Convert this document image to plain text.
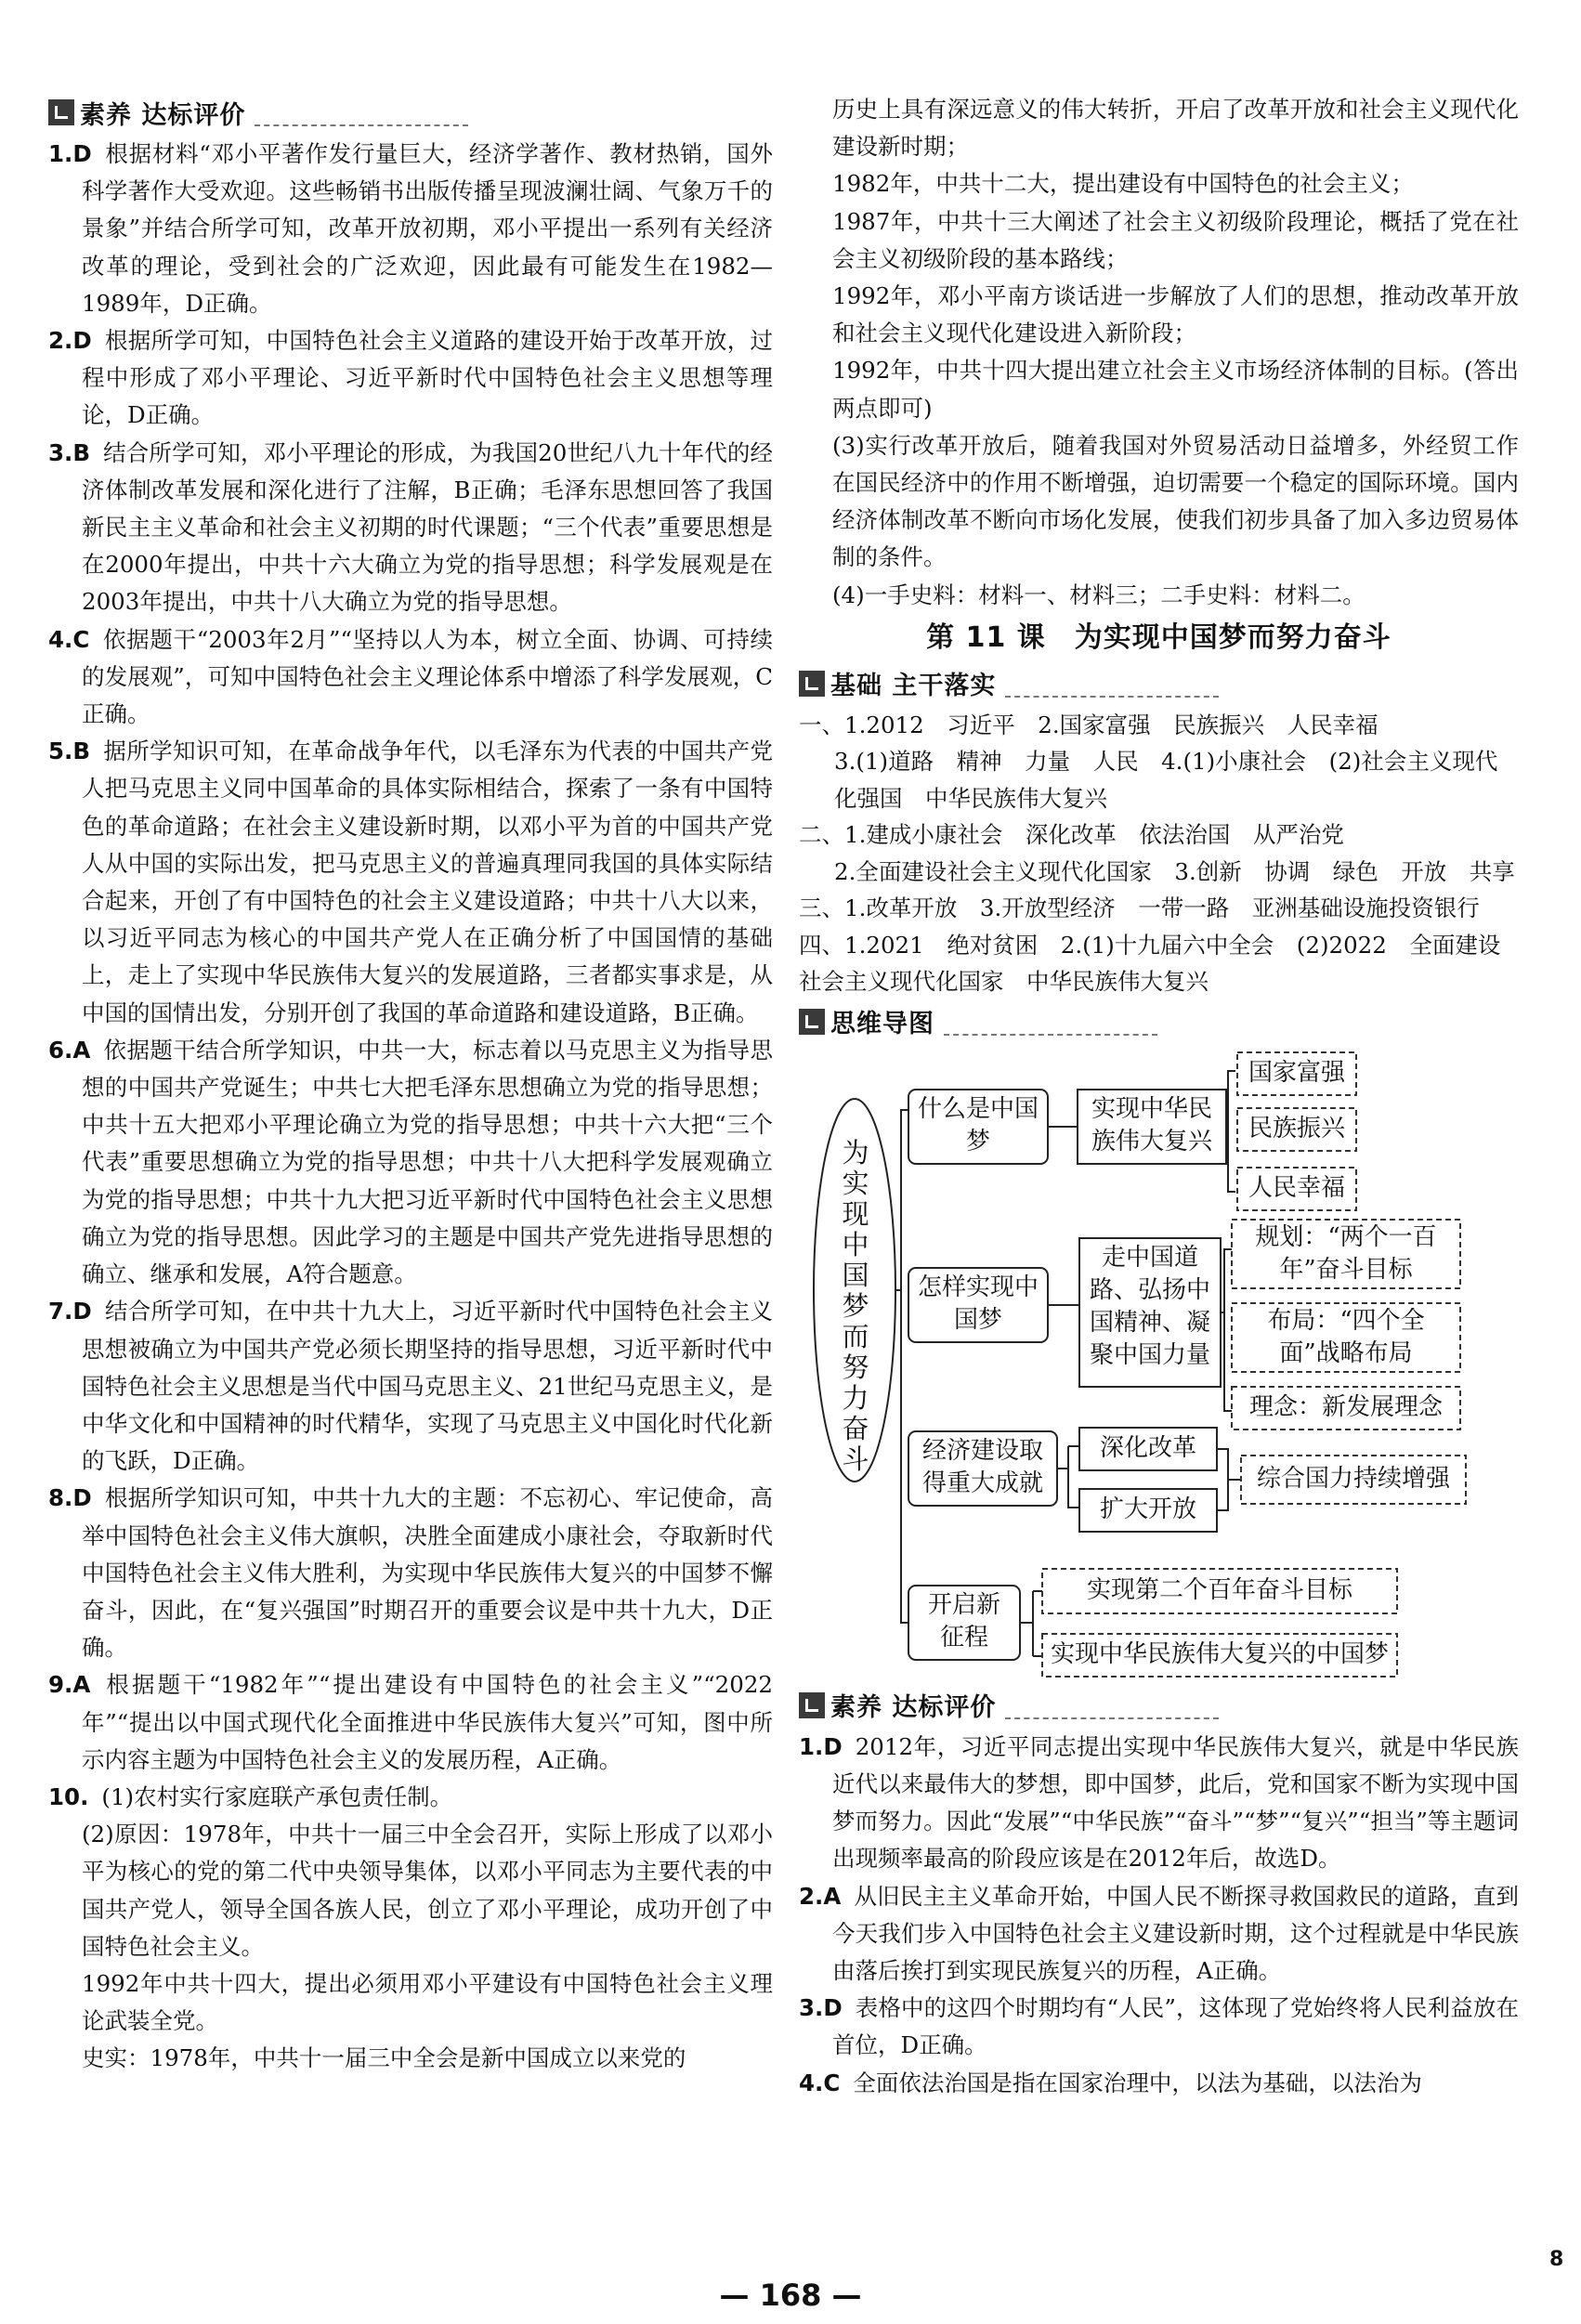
素养 达标评价
1.D 根据材料“邓小平著作发行量巨大，经济学著作、教材热销，国外科学著作大受欢迎。这些畅销书出版传播呈现波澜壮阔、气象万千的景象”并结合所学可知，改革开放初期，邓小平提出一系列有关经济改革的理论，受到社会的广泛欢迎，因此最有可能发生在1982—1989年，D正确。
2.D 根据所学可知，中国特色社会主义道路的建设开始于改革开放，过程中形成了邓小平理论、习近平新时代中国特色社会主义思想等理论，D正确。
3.B 结合所学可知，邓小平理论的形成，为我国20世纪八九十年代的经济体制改革发展和深化进行了注解，B正确；毛泽东思想回答了我国新民主主义革命和社会主义初期的时代课题；“三个代表”重要思想是在2000年提出，中共十六大确立为党的指导思想；科学发展观是在2003年提出，中共十八大确立为党的指导思想。
4.C 依据题干“2003年2月”“坚持以人为本，树立全面、协调、可持续的发展观”，可知中国特色社会主义理论体系中增添了科学发展观，C正确。
5.B 据所学知识可知，在革命战争年代，以毛泽东为代表的中国共产党人把马克思主义同中国革命的具体实际相结合，探索了一条有中国特色的革命道路；在社会主义建设新时期，以邓小平为首的中国共产党人从中国的实际出发，把马克思主义的普遍真理同我国的具体实际结合起来，开创了有中国特色的社会主义建设道路；中共十八大以来，以习近平同志为核心的中国共产党人在正确分析了中国国情的基础上，走上了实现中华民族伟大复兴的发展道路，三者都实事求是，从中国的国情出发，分别开创了我国的革命道路和建设道路，B正确。
6.A 依据题干结合所学知识，中共一大，标志着以马克思主义为指导思想的中国共产党诞生；中共七大把毛泽东思想确立为党的指导思想；中共十五大把邓小平理论确立为党的指导思想；中共十六大把“三个代表”重要思想确立为党的指导思想；中共十八大把科学发展观确立为党的指导思想；中共十九大把习近平新时代中国特色社会主义思想确立为党的指导思想。因此学习的主题是中国共产党先进指导思想的确立、继承和发展，A符合题意。
7.D 结合所学可知，在中共十九大上，习近平新时代中国特色社会主义思想被确立为中国共产党必须长期坚持的指导思想，习近平新时代中国特色社会主义思想是当代中国马克思主义、21世纪马克思主义，是中华文化和中国精神的时代精华，实现了马克思主义中国化时代化新的飞跃，D正确。
8.D 根据所学知识可知，中共十九大的主题：不忘初心、牢记使命，高举中国特色社会主义伟大旗帜，决胜全面建成小康社会，夺取新时代中国特色社会主义伟大胜利，为实现中华民族伟大复兴的中国梦不懈奋斗，因此，在“复兴强国”时期召开的重要会议是中共十九大，D正确。
9.A 根据题干“1982年”“提出建设有中国特色的社会主义”“2022年”“提出以中国式现代化全面推进中华民族伟大复兴”可知，图中所示内容主题为中国特色社会主义的发展历程，A正确。
10. (1)农村实行家庭联产承包责任制。
(2)原因：1978年，中共十一届三中全会召开，实际上形成了以邓小平为核心的党的第二代中央领导集体，以邓小平同志为主要代表的中国共产党人，领导全国各族人民，创立了邓小平理论，成功开创了中国特色社会主义。
1992年中共十四大，提出必须用邓小平建设有中国特色社会主义理论武装全党。
史实：1978年，中共十一届三中全会是新中国成立以来党的
历史上具有深远意义的伟大转折，开启了改革开放和社会主义现代化建设新时期；
1982年，中共十二大，提出建设有中国特色的社会主义；
1987年，中共十三大阐述了社会主义初级阶段理论，概括了党在社会主义初级阶段的基本路线；
1992年，邓小平南方谈话进一步解放了人们的思想，推动改革开放和社会主义现代化建设进入新阶段；
1992年，中共十四大提出建立社会主义市场经济体制的目标。(答出两点即可)
(3)实行改革开放后，随着我国对外贸易活动日益增多，外经贸工作在国民经济中的作用不断增强，迫切需要一个稳定的国际环境。国内经济体制改革不断向市场化发展，使我们初步具备了加入多边贸易体制的条件。
(4)一手史料：材料一、材料三；二手史料：材料二。
第 11 课　为实现中国梦而努力奋斗
基础 主干落实
一、1.2012　习近平　2.国家富强　民族振兴　人民幸福
3.(1)道路　精神　力量　人民　4.(1)小康社会　(2)社会主义现代化强国　中华民族伟大复兴
二、1.建成小康社会　深化改革　依法治国　从严治党
2.全面建设社会主义现代化国家　3.创新　协调　绿色　开放　共享
三、1.改革开放　3.开放型经济　一带一路　亚洲基础设施投资银行
四、1.2021　绝对贫困　2.(1)十九届六中全会　(2)2022　全面建设社会主义现代化国家　中华民族伟大复兴
思维导图
为实现中国梦而努力奋斗
什么是中国梦
实现中华民族伟大复兴
国家富强
民族振兴
人民幸福
怎样实现中国梦
走中国道路、弘扬中国精神、凝聚中国力量
规划：“两个一百年”奋斗目标
布局：“四个全面”战略布局
理念：新发展理念
经济建设取得重大成就
深化改革
扩大开放
综合国力持续增强
开启新征程
实现第二个百年奋斗目标
实现中华民族伟大复兴的中国梦
素养 达标评价
1.D 2012年，习近平同志提出实现中华民族伟大复兴，就是中华民族近代以来最伟大的梦想，即中国梦，此后，党和国家不断为实现中国梦而努力。因此“发展”“中华民族”“奋斗”“梦”“复兴”“担当”等主题词出现频率最高的阶段应该是在2012年后，故选D。
2.A 从旧民主主义革命开始，中国人民不断探寻救国救民的道路，直到今天我们步入中国特色社会主义建设新时期，这个过程就是中华民族由落后挨打到实现民族复兴的历程，A正确。
3.D 表格中的这四个时期均有“人民”，这体现了党始终将人民利益放在首位，D正确。
4.C 全面依法治国是指在国家治理中，以法为基础，以法治为
— 168 —
8
